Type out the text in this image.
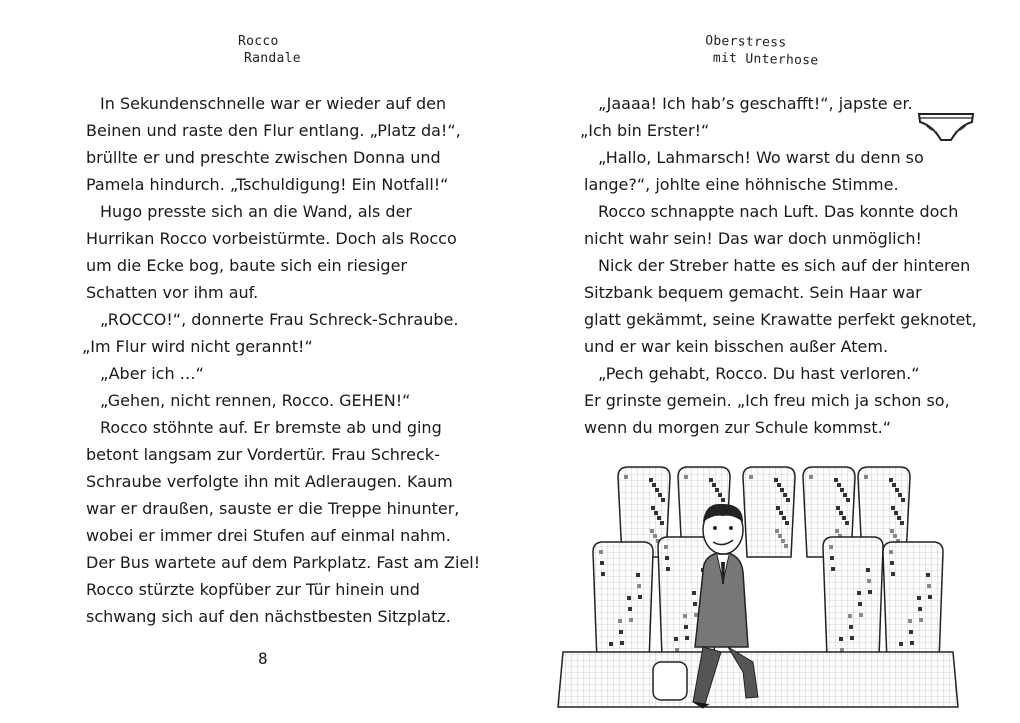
Rocco
Randale
In Sekundenschnelle war er wieder auf den
Beinen und raste den Flur entlang. „Platz da!“,
brüllte er und preschte zwischen Donna und
Pamela hindurch. „Tschuldigung! Ein Notfall!“
Hugo presste sich an die Wand, als der
Hurrikan Rocco vorbeistürmte. Doch als Rocco
um die Ecke bog, baute sich ein riesiger
Schatten vor ihm auf.
„ROCCO!“, donnerte Frau Schreck-Schraube.
„Im Flur wird nicht gerannt!“
„Aber ich …“
„Gehen, nicht rennen, Rocco. GEHEN!“
Rocco stöhnte auf. Er bremste ab und ging
betont langsam zur Vordertür. Frau Schreck-
Schraube verfolgte ihn mit Adleraugen. Kaum
war er draußen, sauste er die Treppe hinunter,
wobei er immer drei Stufen auf einmal nahm.
Der Bus wartete auf dem Parkplatz. Fast am Ziel!
Rocco stürzte kopfüber zur Tür hinein und
schwang sich auf den nächstbesten Sitzplatz.
8
Oberstress
mit Unterhose
„Jaaaa! Ich hab’s geschafft!“, japste er.
„Ich bin Erster!“
„Hallo, Lahmarsch! Wo warst du denn so
lange?“, johlte eine höhnische Stimme.
Rocco schnappte nach Luft. Das konnte doch
nicht wahr sein! Das war doch unmöglich!
Nick der Streber hatte es sich auf der hinteren
Sitzbank bequem gemacht. Sein Haar war
glatt gekämmt, seine Krawatte perfekt geknotet,
und er war kein bisschen außer Atem.
„Pech gehabt, Rocco. Du hast verloren.“
Er grinste gemein. „Ich freu mich ja schon so,
wenn du morgen zur Schule kommst.“
